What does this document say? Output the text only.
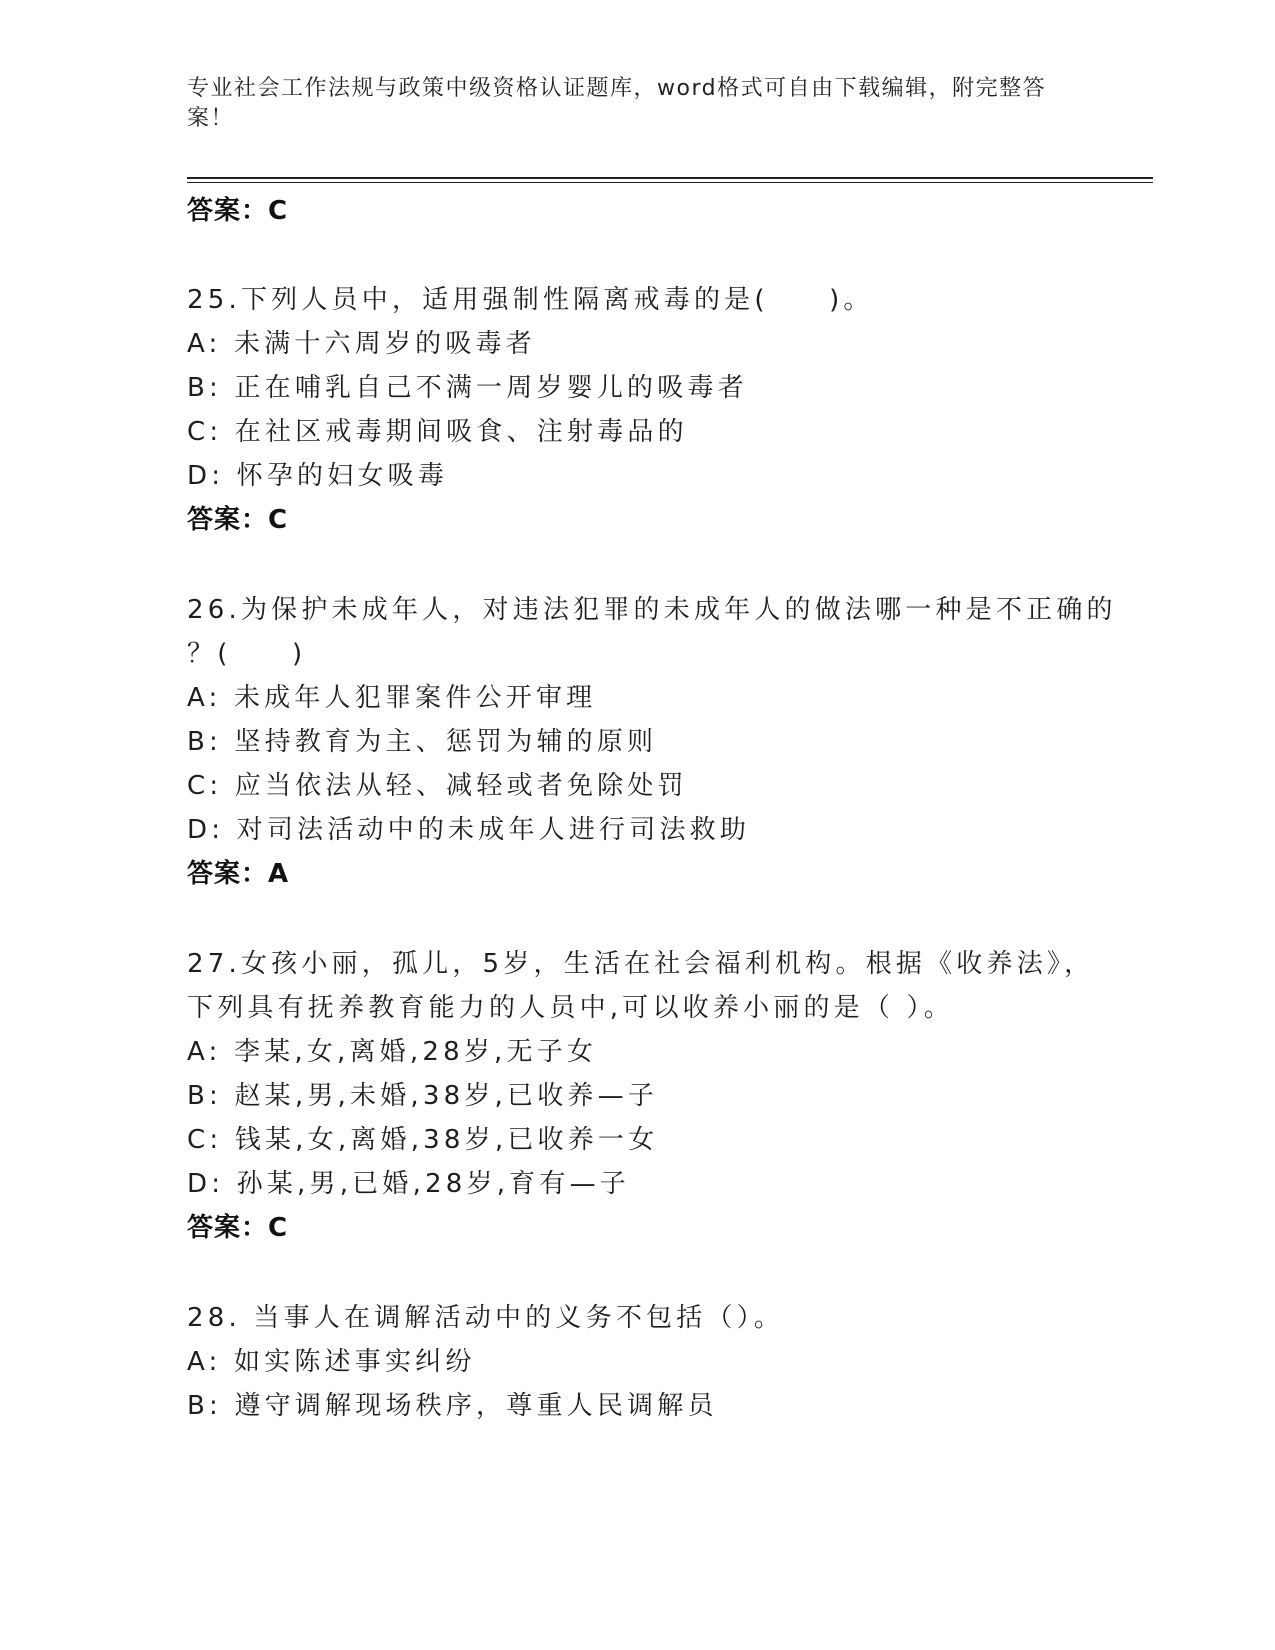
专业社会工作法规与政策中级资格认证题库，word格式可自由下载编辑，附完整答案！
答案：C
25.下列人员中，适用强制性隔离戒毒的是(　　)。
A: 未满十六周岁的吸毒者
B: 正在哺乳自己不满一周岁婴儿的吸毒者
C: 在社区戒毒期间吸食、注射毒品的
D: 怀孕的妇女吸毒
答案：C
26.为保护未成年人，对违法犯罪的未成年人的做法哪一种是不正确的
？(　　)
A: 未成年人犯罪案件公开审理
B: 坚持教育为主、惩罚为辅的原则
C: 应当依法从轻、减轻或者免除处罚
D: 对司法活动中的未成年人进行司法救助
答案：A
27.女孩小丽，孤儿，5岁，生活在社会福利机构。根据《收养法》，
下列具有抚养教育能力的人员中,可以收养小丽的是（ ）。
A: 李某,女,离婚,28岁,无子女
B: 赵某,男,未婚,38岁,已收养—子
C: 钱某,女,离婚,38岁,已收养一女
D: 孙某,男,已婚,28岁,育有—子
答案：C
28. 当事人在调解活动中的义务不包括（）。
A: 如实陈述事实纠纷
B: 遵守调解现场秩序，尊重人民调解员
